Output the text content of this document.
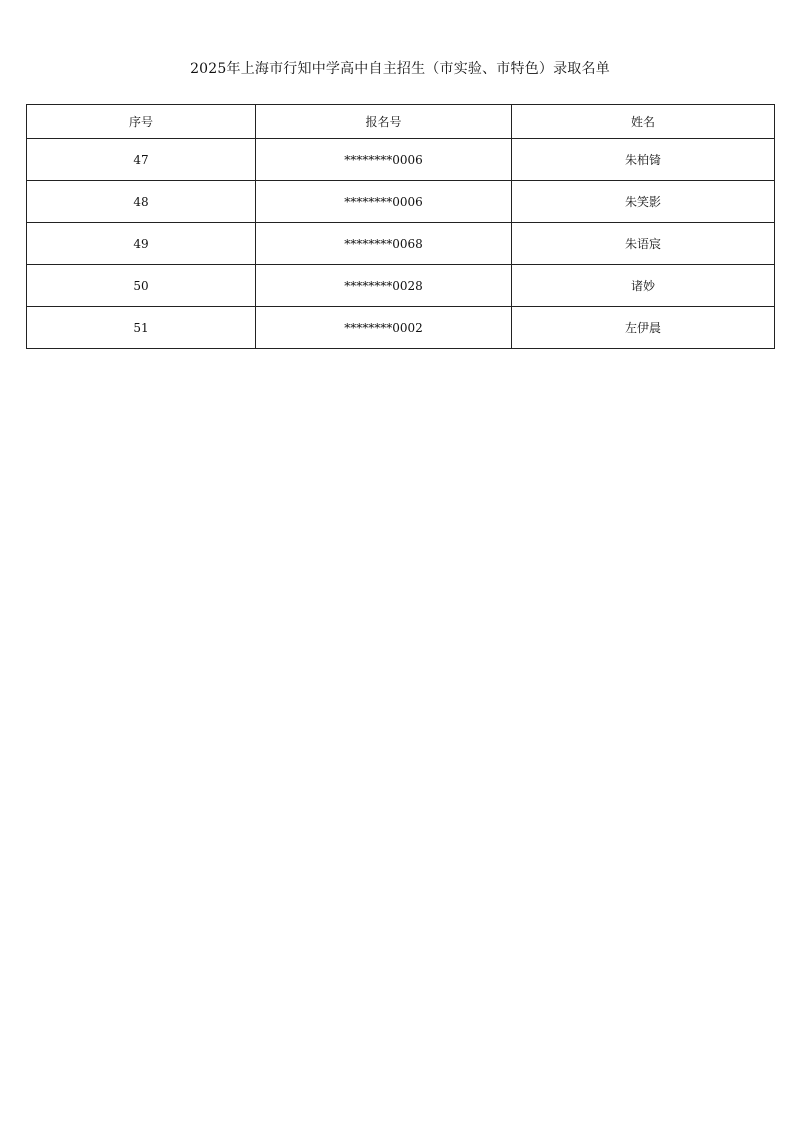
2025年上海市行知中学高中自主招生（市实验、市特色）录取名单
序号	报名号	姓名
47	********0006	朱柏锜
48	********0006	朱笑影
49	********0068	朱语宸
50	********0028	诸妙
51	********0002	左伊晨
